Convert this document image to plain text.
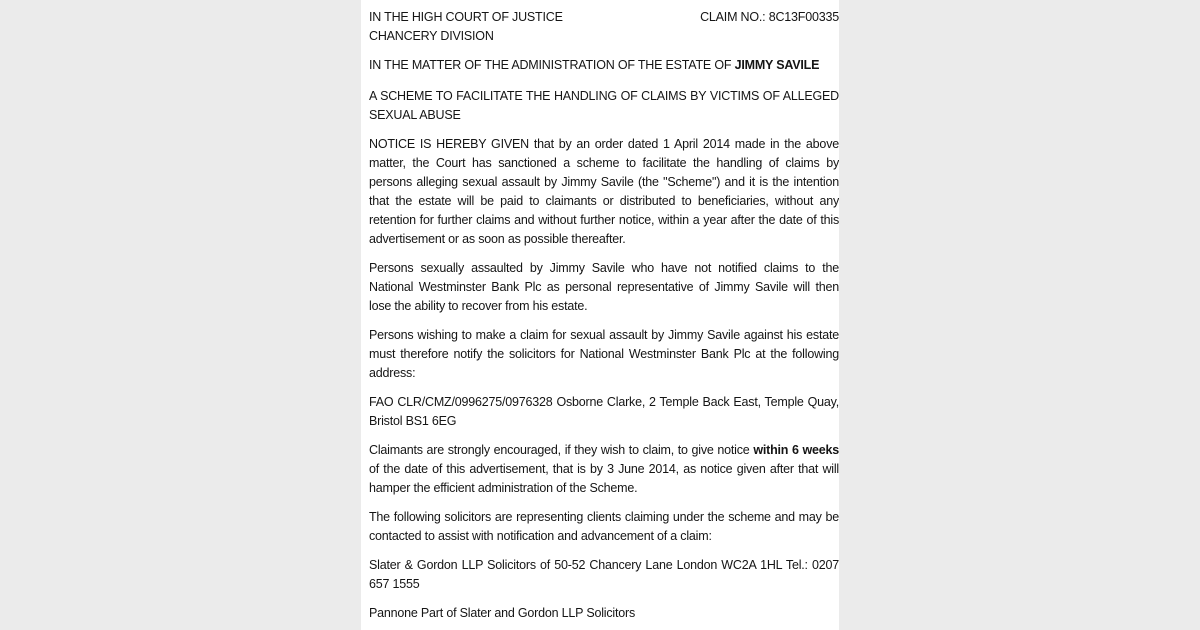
IN THE HIGH COURT OF JUSTICE
CHANCERY DIVISION
CLAIM NO.: 8C13F00335

IN THE MATTER OF THE ADMINISTRATION OF THE ESTATE OF JIMMY SAVILE

A SCHEME TO FACILITATE THE HANDLING OF CLAIMS BY VICTIMS OF ALLEGED SEXUAL ABUSE

NOTICE IS HEREBY GIVEN that by an order dated 1 April 2014 made in the above matter, the Court has sanctioned a scheme to facilitate the handling of claims by persons alleging sexual assault by Jimmy Savile (the "Scheme") and it is the intention that the estate will be paid to claimants or distributed to beneficiaries, without any retention for further claims and without further notice, within a year after the date of this advertisement or as soon as possible thereafter.

Persons sexually assaulted by Jimmy Savile who have not notified claims to the National Westminster Bank Plc as personal representative of Jimmy Savile will then lose the ability to recover from his estate.

Persons wishing to make a claim for sexual assault by Jimmy Savile against his estate must therefore notify the solicitors for National Westminster Bank Plc at the following address:

FAO CLR/CMZ/0996275/0976328 Osborne Clarke, 2 Temple Back East, Temple Quay, Bristol BS1 6EG

Claimants are strongly encouraged, if they wish to claim, to give notice within 6 weeks of the date of this advertisement, that is by 3 June 2014, as notice given after that will hamper the efficient administration of the Scheme.

The following solicitors are representing clients claiming under the scheme and may be contacted to assist with notification and advancement of a claim:

Slater & Gordon LLP Solicitors of 50-52 Chancery Lane London WC2A 1HL Tel.: 0207 657 1555

Pannone Part of Slater and Gordon LLP Solicitors
